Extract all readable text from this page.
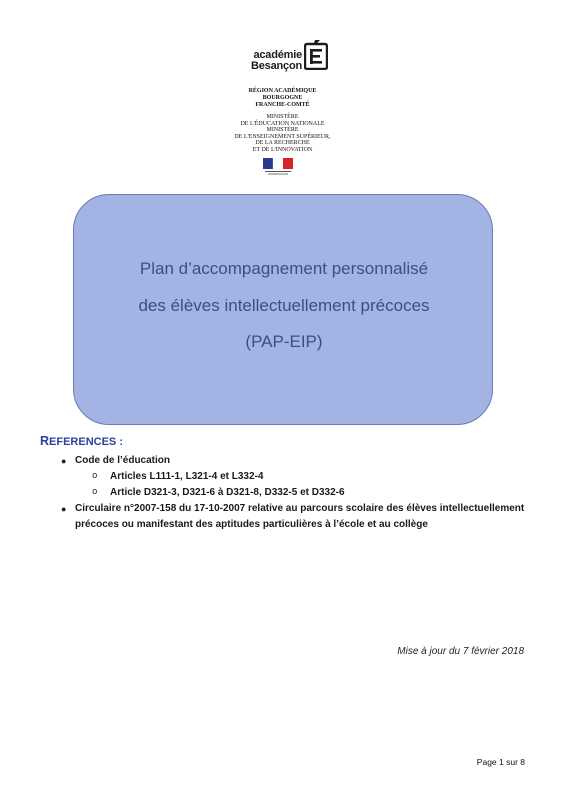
académie
Besançon
RÉGION ACADÉMIQUE
BOURGOGNE
FRANCHE-COMTÉ
MINISTÈRE
DE L'ÉDUCATION NATIONALE
MINISTÈRE
DE L'ENSEIGNEMENT SUPÉRIEUR,
DE LA RECHERCHE
ET DE L'INNOVATION
Plan d’accompagnement personnalisé
des élèves intellectuellement précoces
(PAP-EIP)
REFERENCES :
● Code de l’éducation
o Articles L111-1, L321-4 et L332-4
o Article D321-3, D321-6 à D321-8, D332-5 et D332-6
● Circulaire n°2007-158 du 17-10-2007 relative au parcours scolaire des élèves intellectuellement
précoces ou manifestant des aptitudes particulières à l’école et au collège
Mise à jour du 7 février 2018
Page 1 sur 8
